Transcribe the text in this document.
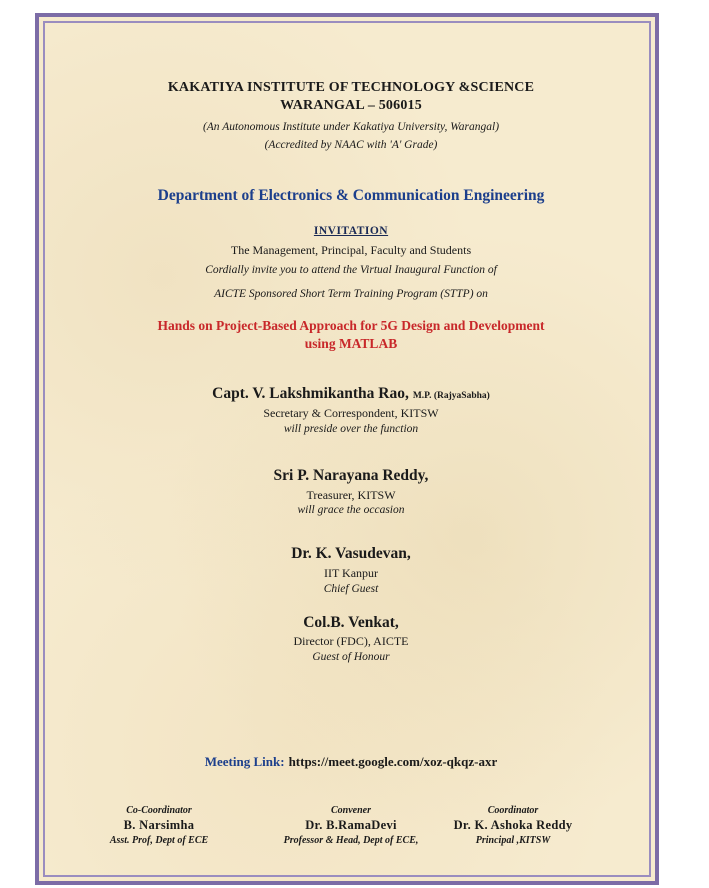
KAKATIYA INSTITUTE OF TECHNOLOGY &SCIENCE
WARANGAL – 506015
(An Autonomous Institute under Kakatiya University, Warangal)
(Accredited by NAAC with 'A' Grade)
Department of Electronics & Communication Engineering
INVITATION
The Management, Principal, Faculty and Students
Cordially invite you to attend the Virtual Inaugural Function of
AICTE Sponsored Short Term Training Program (STTP) on
Hands on Project-Based Approach for 5G Design and Development
using MATLAB
Capt. V. Lakshmikantha Rao, M.P. (RajyaSabha)
Secretary & Correspondent, KITSW
will preside over the function
Sri P. Narayana Reddy,
Treasurer, KITSW
will grace the occasion
Dr. K. Vasudevan,
IIT Kanpur
Chief Guest
Col.B. Venkat,
Director (FDC), AICTE
Guest of Honour
Meeting Link: https://meet.google.com/xoz-qkqz-axr
Co-Coordinator
B. Narsimha
Asst. Prof, Dept of ECE
Convener
Dr. B.RamaDevi
Professor & Head, Dept of ECE,
Coordinator
Dr. K. Ashoka Reddy
Principal ,KITSW
